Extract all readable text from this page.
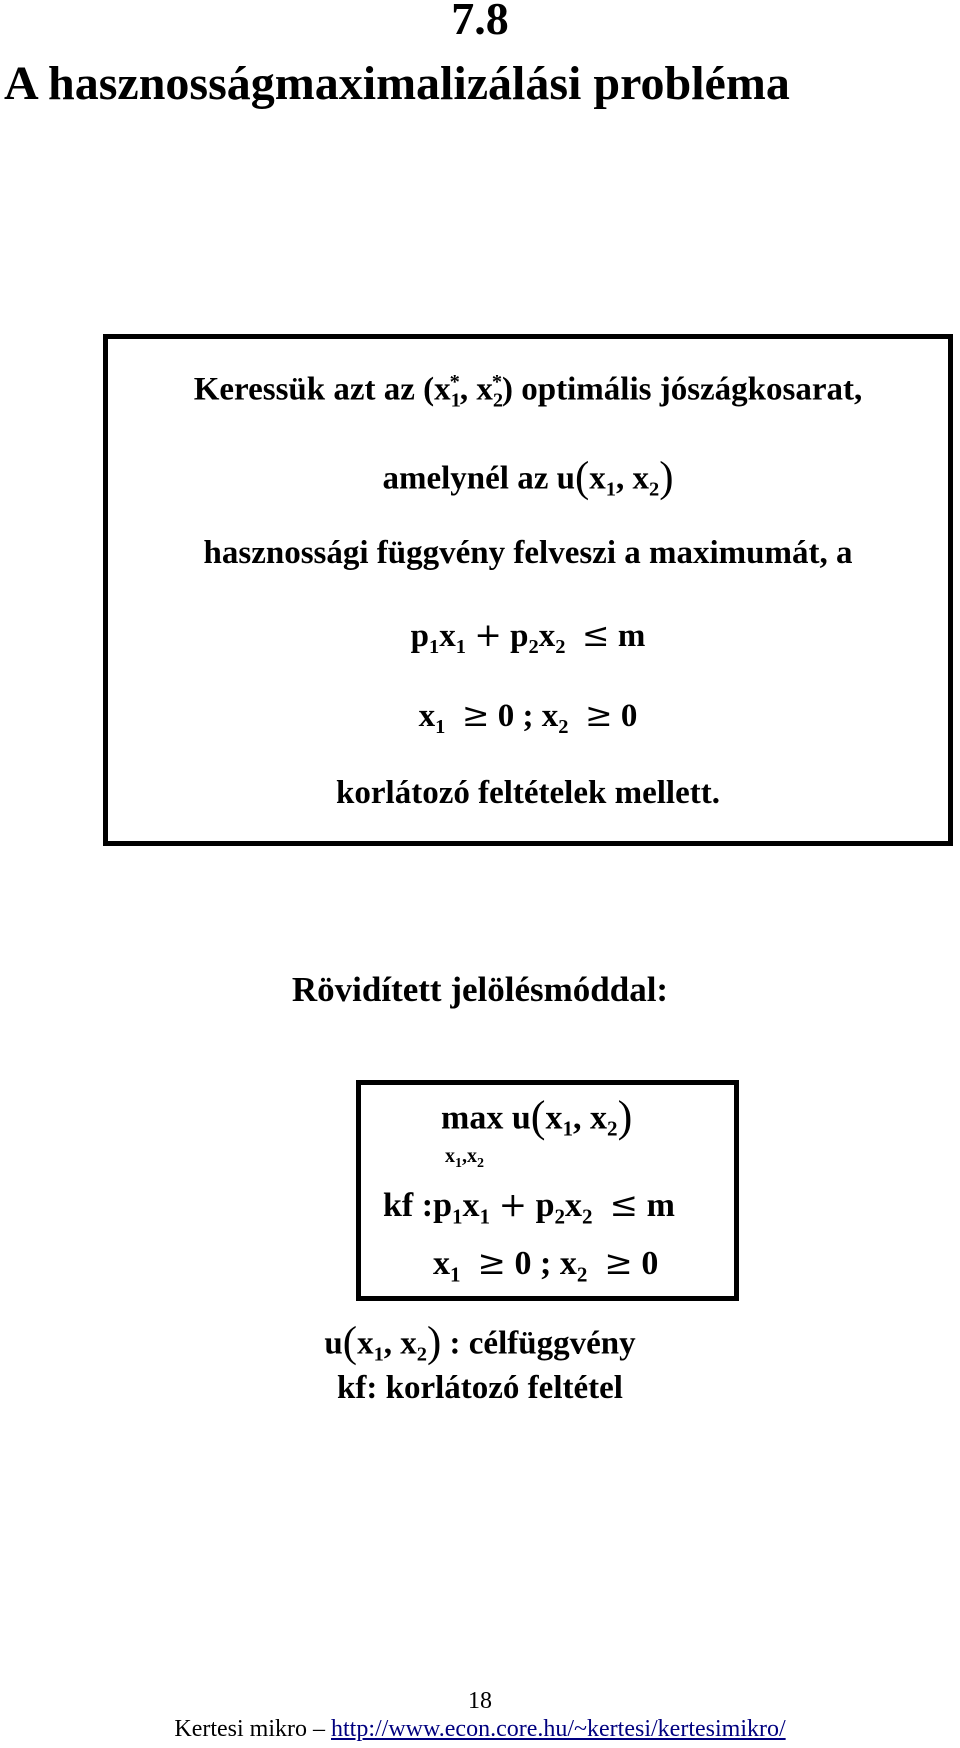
7.8
A hasznosságmaximalizálási probléma
Keressük azt az ($x_1^*$, $x_2^*$) optimális jószágkosarat,
amelynél az $u(x_1$, $x_2$)
hasznossági függvény felveszi a maximumát, a
$p_1x_1 + p_2x_2 \le m$
$x_1 \ge 0$ ; $x_2 \ge 0$
korlátozó feltételek mellett.
Rövidített jelölésmóddal:
$\max u(x_1$, $x_2$)
$x_1,x_2$
kf $:p_1x_1 + p_2x_2 \le m$
$x_1 \ge 0$ ; $x_2 \ge 0$
$u(x_1$, $x_2$) : célfüggvény
kf: korlátozó feltétel
18
Kertesi mikro – http://www.econ.core.hu/~kertesi/kertesimikro/
